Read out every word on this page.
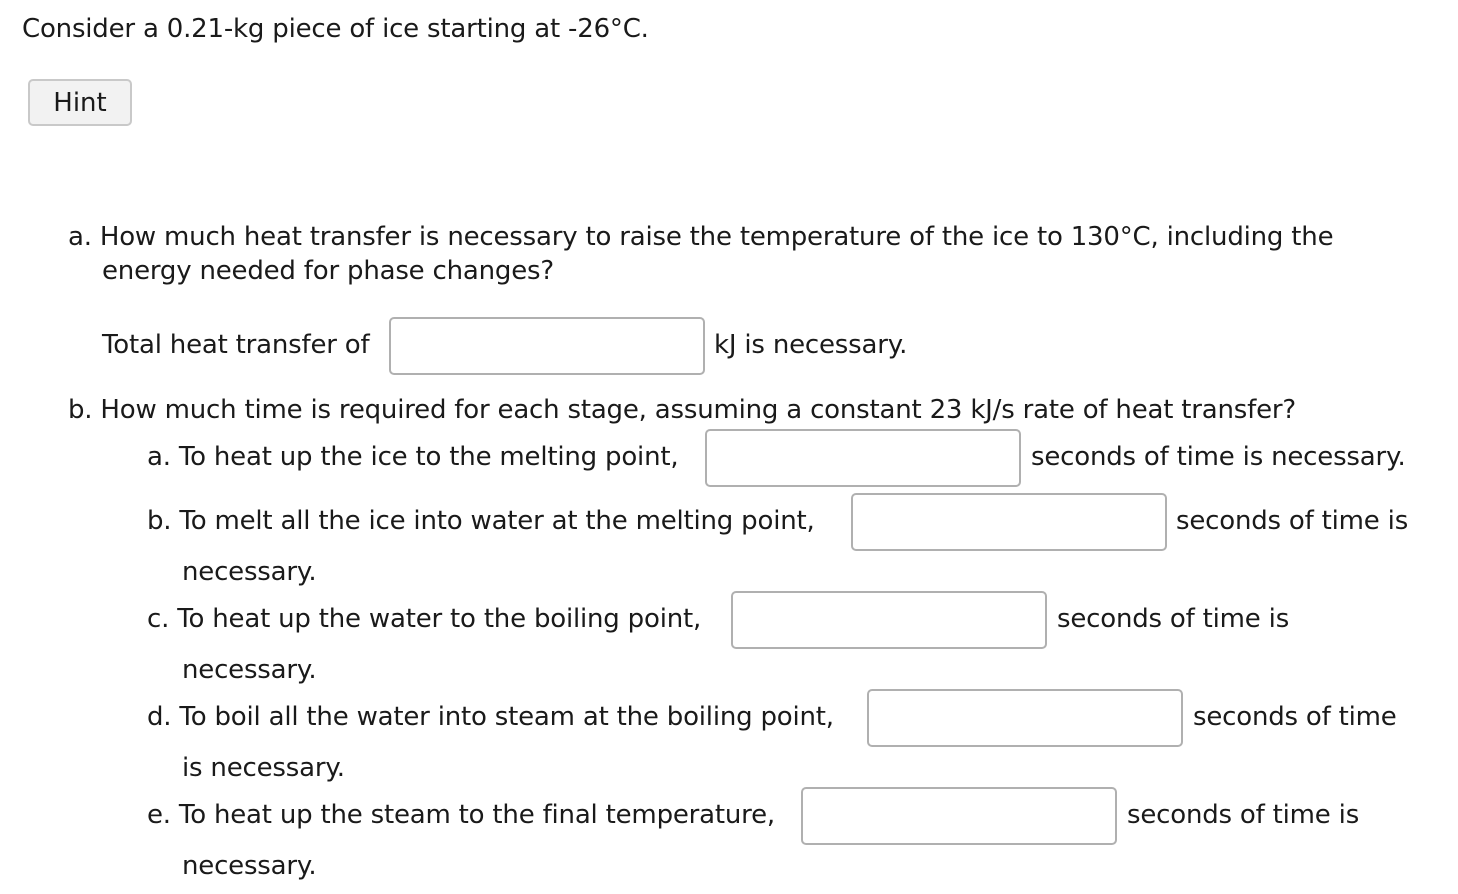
Consider a 0.21-kg piece of ice starting at -26°C.
Hint
a. How much heat transfer is necessary to raise the temperature of the ice to 130°C, including the
energy needed for phase changes?
Total heat transfer of	kJ is necessary.
b. How much time is required for each stage, assuming a constant 23 kJ/s rate of heat transfer?
a. To heat up the ice to the melting point,	seconds of time is necessary.
b. To melt all the ice into water at the melting point,	seconds of time is
necessary.
c. To heat up the water to the boiling point,	seconds of time is
necessary.
d. To boil all the water into steam at the boiling point,	seconds of time
is necessary.
e. To heat up the steam to the final temperature,	seconds of time is
necessary.
